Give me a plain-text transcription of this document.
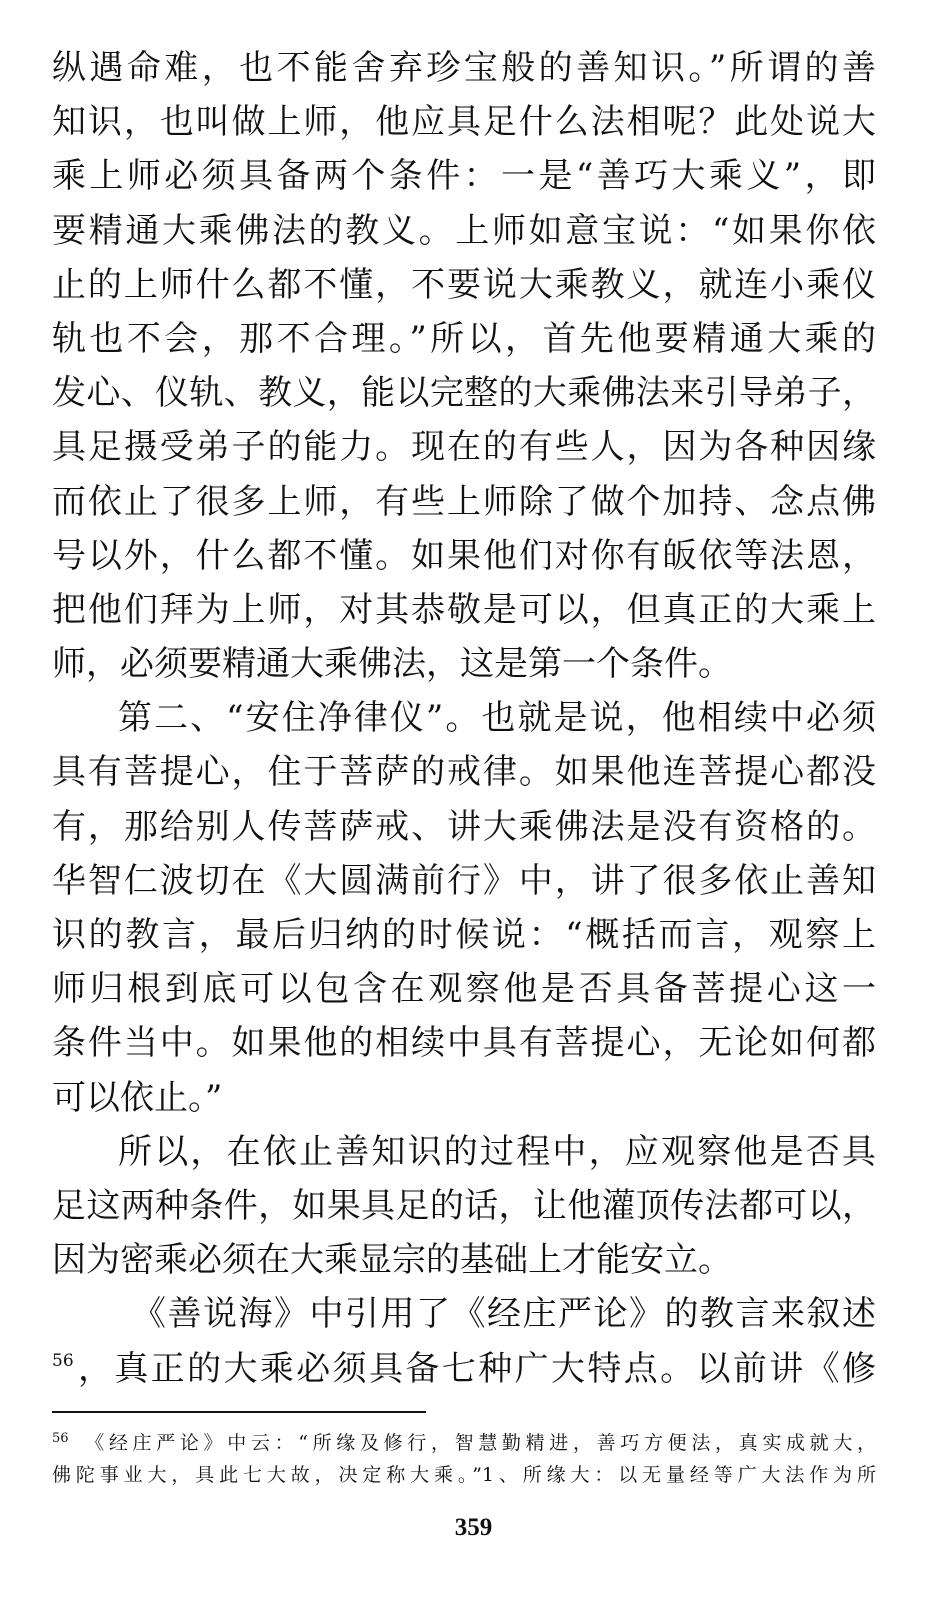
纵遇命难，也不能舍弃珍宝般的善知识。”所谓的善
知识，也叫做上师，他应具足什么法相呢？此处说大
乘上师必须具备两个条件：一是“善巧大乘义”，即
要精通大乘佛法的教义。上师如意宝说：“如果你依
止的上师什么都不懂，不要说大乘教义，就连小乘仪
轨也不会，那不合理。”所以，首先他要精通大乘的
发心、仪轨、教义，能以完整的大乘佛法来引导弟子，
具足摄受弟子的能力。现在的有些人，因为各种因缘
而依止了很多上师，有些上师除了做个加持、念点佛
号以外，什么都不懂。如果他们对你有皈依等法恩，
把他们拜为上师，对其恭敬是可以，但真正的大乘上
师，必须要精通大乘佛法，这是第一个条件。
第二、“安住净律仪”。也就是说，他相续中必须
具有菩提心，住于菩萨的戒律。如果他连菩提心都没
有，那给别人传菩萨戒、讲大乘佛法是没有资格的。
华智仁波切在《大圆满前行》中，讲了很多依止善知
识的教言，最后归纳的时候说：“概括而言，观察上
师归根到底可以包含在观察他是否具备菩提心这一
条件当中。如果他的相续中具有菩提心，无论如何都
可以依止。”
所以，在依止善知识的过程中，应观察他是否具
足这两种条件，如果具足的话，让他灌顶传法都可以，
因为密乘必须在大乘显宗的基础上才能安立。
《善说海》中引用了《经庄严论》的教言来叙述
$^{56}$，真正的大乘必须具备七种广大特点。以前讲《修
$^{56}$ 《经庄严论》中云：“所缘及修行，智慧勤精进，善巧方便法，真实成就大，
佛陀事业大，具此七大故，决定称大乘。”1、所缘大：以无量经等广大法作为所
359
